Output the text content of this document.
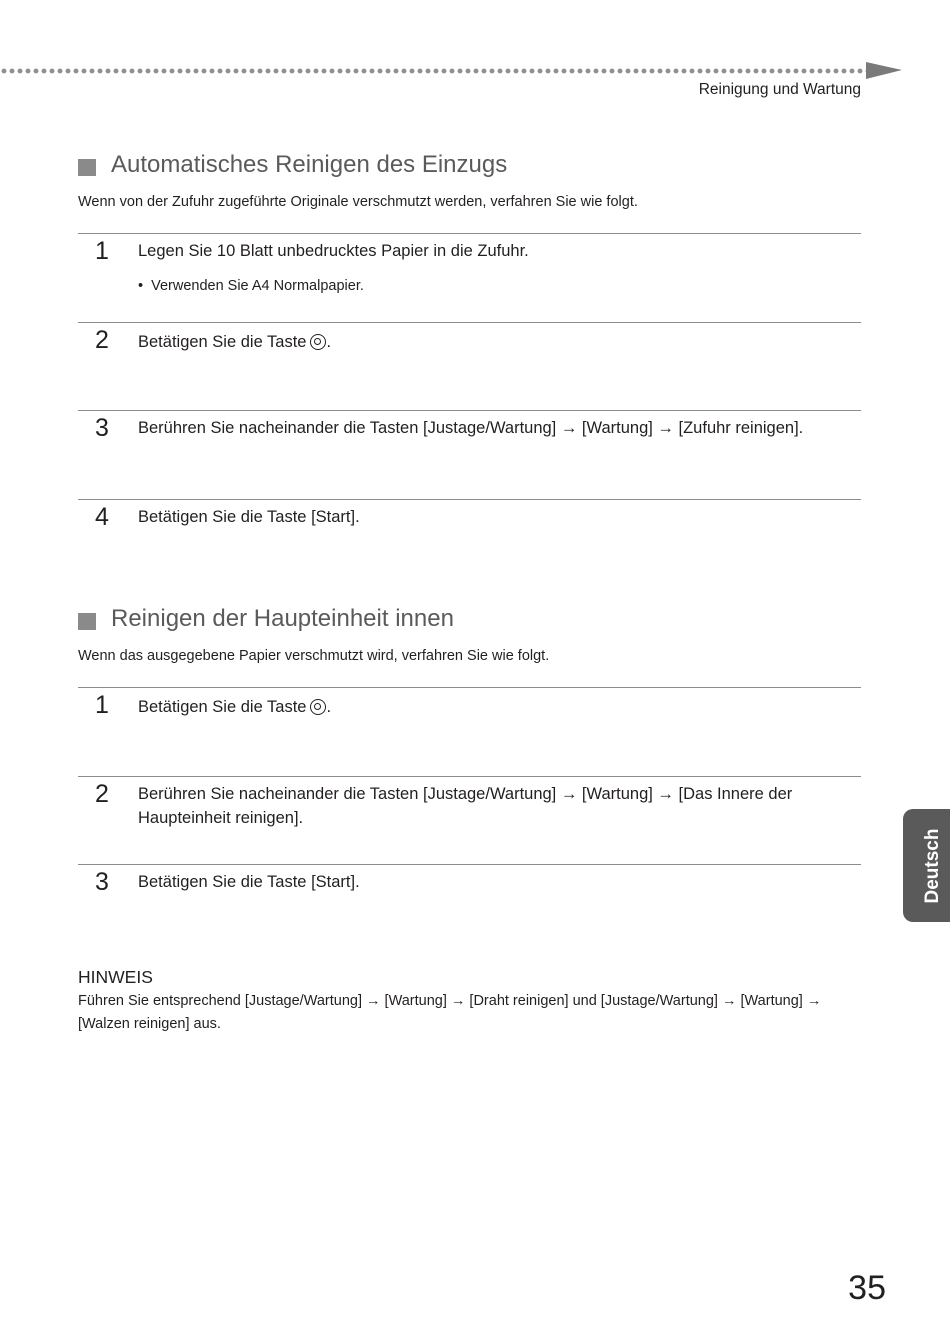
Reinigung und Wartung
Automatisches Reinigen des Einzugs
Wenn von der Zufuhr zugeführte Originale verschmutzt werden, verfahren Sie wie folgt.
1 Legen Sie 10 Blatt unbedrucktes Papier in die Zufuhr.
• Verwenden Sie A4 Normalpapier.
2 Betätigen Sie die Taste .
3 Berühren Sie nacheinander die Tasten [Justage/Wartung] → [Wartung] → [Zufuhr reinigen].
4 Betätigen Sie die Taste [Start].
Reinigen der Haupteinheit innen
Wenn das ausgegebene Papier verschmutzt wird, verfahren Sie wie folgt.
1 Betätigen Sie die Taste .
2 Berühren Sie nacheinander die Tasten [Justage/Wartung] → [Wartung] → [Das Innere der Haupteinheit reinigen].
3 Betätigen Sie die Taste [Start].
HINWEIS
Führen Sie entsprechend [Justage/Wartung] → [Wartung] → [Draht reinigen] und [Justage/Wartung] → [Wartung] → [Walzen reinigen] aus.
Deutsch
35
